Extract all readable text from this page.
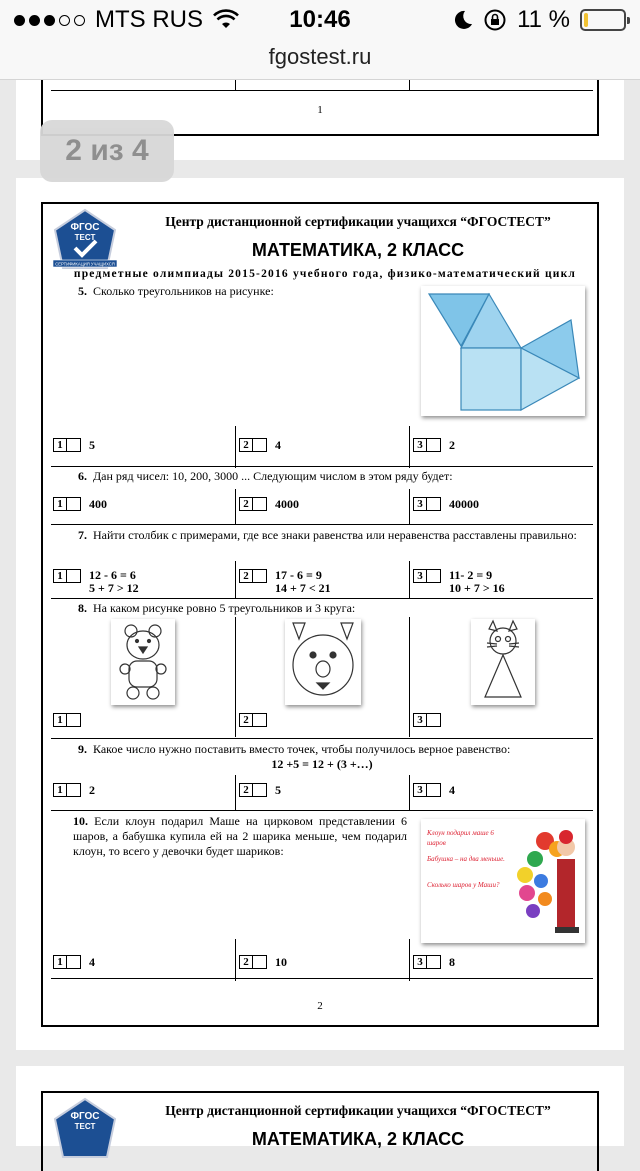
MTS RUS	10:46	11 %
fgostest.ru
2 из 4
1
ФГОС
ТЕСТ
СЕРТИФИКАЦИЯ УЧАЩИХСЯ
Центр дистанционной сертификации учащихся “ФГОСТЕСТ”
МАТЕМАТИКА, 2 КЛАСС
предметные олимпиады 2015-2016 учебного года, физико-математический цикл
5. Сколько треугольников на рисунке:
1	5	2	4	3	2
6. Дан ряд чисел: 10, 200, 3000 ... Следующим числом в этом ряду будет:
1	400	2	4000	3	40000
7. Найти столбик с примерами, где все знаки равенства или неравенства расставлены правильно:
1	12 - 6 = 6
5 + 7 > 12
2	17 - 6 = 9
14 + 7 < 21
3	11- 2 = 9
10 + 7 > 16
8. На каком рисунке ровно 5 треугольников и 3 круга:
1	2	3
9. Какое число нужно поставить вместо точек, чтобы получилось верное равенство:
12 +5 = 12 + (3 +…)
1	2	2	5	3	4
10. Если клоун подарил Маше на цирковом представлении 6 шаров, а бабушка купила ей на 2 шарика меньше, чем подарил клоун, то всего у девочки будет шариков:
Клоун подарил маше 6
шаров
Бабушка – на два меньше.
Сколько шаров у Маши?
1	4	2	10	3	8
2
ФГОС
ТЕСТ
Центр дистанционной сертификации учащихся “ФГОСТЕСТ”
МАТЕМАТИКА, 2 КЛАСС
